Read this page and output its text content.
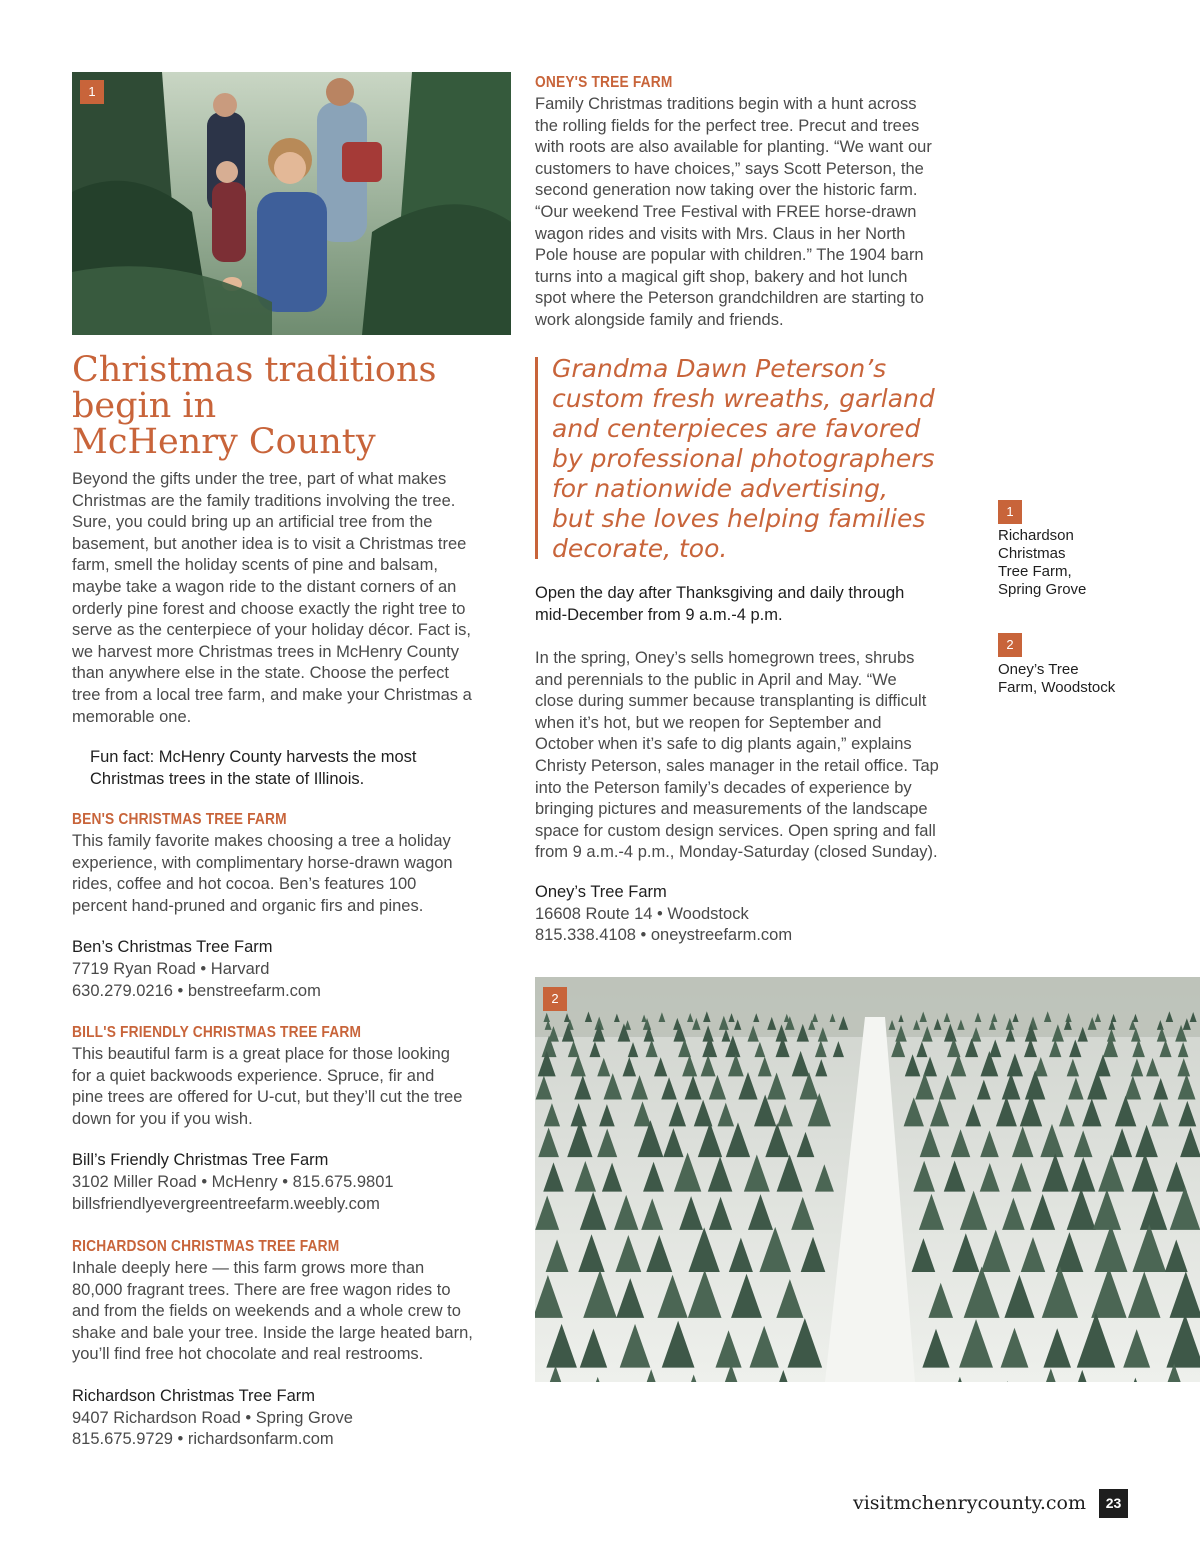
1
Christmas traditions
begin in
McHenry County
Beyond the gifts under the tree, part of what makes
Christmas are the family traditions involving the tree.
Sure, you could bring up an artificial tree from the
basement, but another idea is to visit a Christmas tree
farm, smell the holiday scents of pine and balsam,
maybe take a wagon ride to the distant corners of an
orderly pine forest and choose exactly the right tree to
serve as the centerpiece of your holiday décor. Fact is,
we harvest more Christmas trees in McHenry County
than anywhere else in the state. Choose the perfect
tree from a local tree farm, and make your Christmas a
memorable one.
Fun fact: McHenry County harvests the most
Christmas trees in the state of Illinois.
BEN'S CHRISTMAS TREE FARM
This family favorite makes choosing a tree a holiday
experience, with complimentary horse-drawn wagon
rides, coffee and hot cocoa. Ben’s features 100
percent hand-pruned and organic firs and pines.
Ben’s Christmas Tree Farm
7719 Ryan Road • Harvard
630.279.0216 • benstreefarm.com
BILL'S FRIENDLY CHRISTMAS TREE FARM
This beautiful farm is a great place for those looking
for a quiet backwoods experience. Spruce, fir and
pine trees are offered for U-cut, but they’ll cut the tree
down for you if you wish.
Bill’s Friendly Christmas Tree Farm
3102 Miller Road • McHenry • 815.675.9801
billsfriendlyevergreentreefarm.weebly.com
RICHARDSON CHRISTMAS TREE FARM
Inhale deeply here — this farm grows more than
80,000 fragrant trees. There are free wagon rides to
and from the fields on weekends and a whole crew to
shake and bale your tree. Inside the large heated barn,
you’ll find free hot chocolate and real restrooms.
Richardson Christmas Tree Farm
9407 Richardson Road • Spring Grove
815.675.9729 • richardsonfarm.com
ONEY'S TREE FARM
Family Christmas traditions begin with a hunt across
the rolling fields for the perfect tree. Precut and trees
with roots are also available for planting. “We want our
customers to have choices,” says Scott Peterson, the
second generation now taking over the historic farm.
“Our weekend Tree Festival with FREE horse-drawn
wagon rides and visits with Mrs. Claus in her North
Pole house are popular with children.” The 1904 barn
turns into a magical gift shop, bakery and hot lunch
spot where the Peterson grandchildren are starting to
work alongside family and friends.
Grandma Dawn Peterson’s
custom fresh wreaths, garland
and centerpieces are favored
by professional photographers
for nationwide advertising,
but she loves helping families
decorate, too.
Open the day after Thanksgiving and daily through
mid-December from 9 a.m.-4 p.m.
In the spring, Oney’s sells homegrown trees, shrubs
and perennials to the public in April and May. “We
close during summer because transplanting is difficult
when it’s hot, but we reopen for September and
October when it’s safe to dig plants again,” explains
Christy Peterson, sales manager in the retail office. Tap
into the Peterson family’s decades of experience by
bringing pictures and measurements of the landscape
space for custom design services. Open spring and fall
from 9 a.m.-4 p.m., Monday-Saturday (closed Sunday).
Oney’s Tree Farm
16608 Route 14 • Woodstock
815.338.4108 • oneystreefarm.com
1
Richardson
Christmas
Tree Farm,
Spring Grove
2
Oney’s Tree
Farm, Woodstock
2
visitmchenrycounty.com	23
